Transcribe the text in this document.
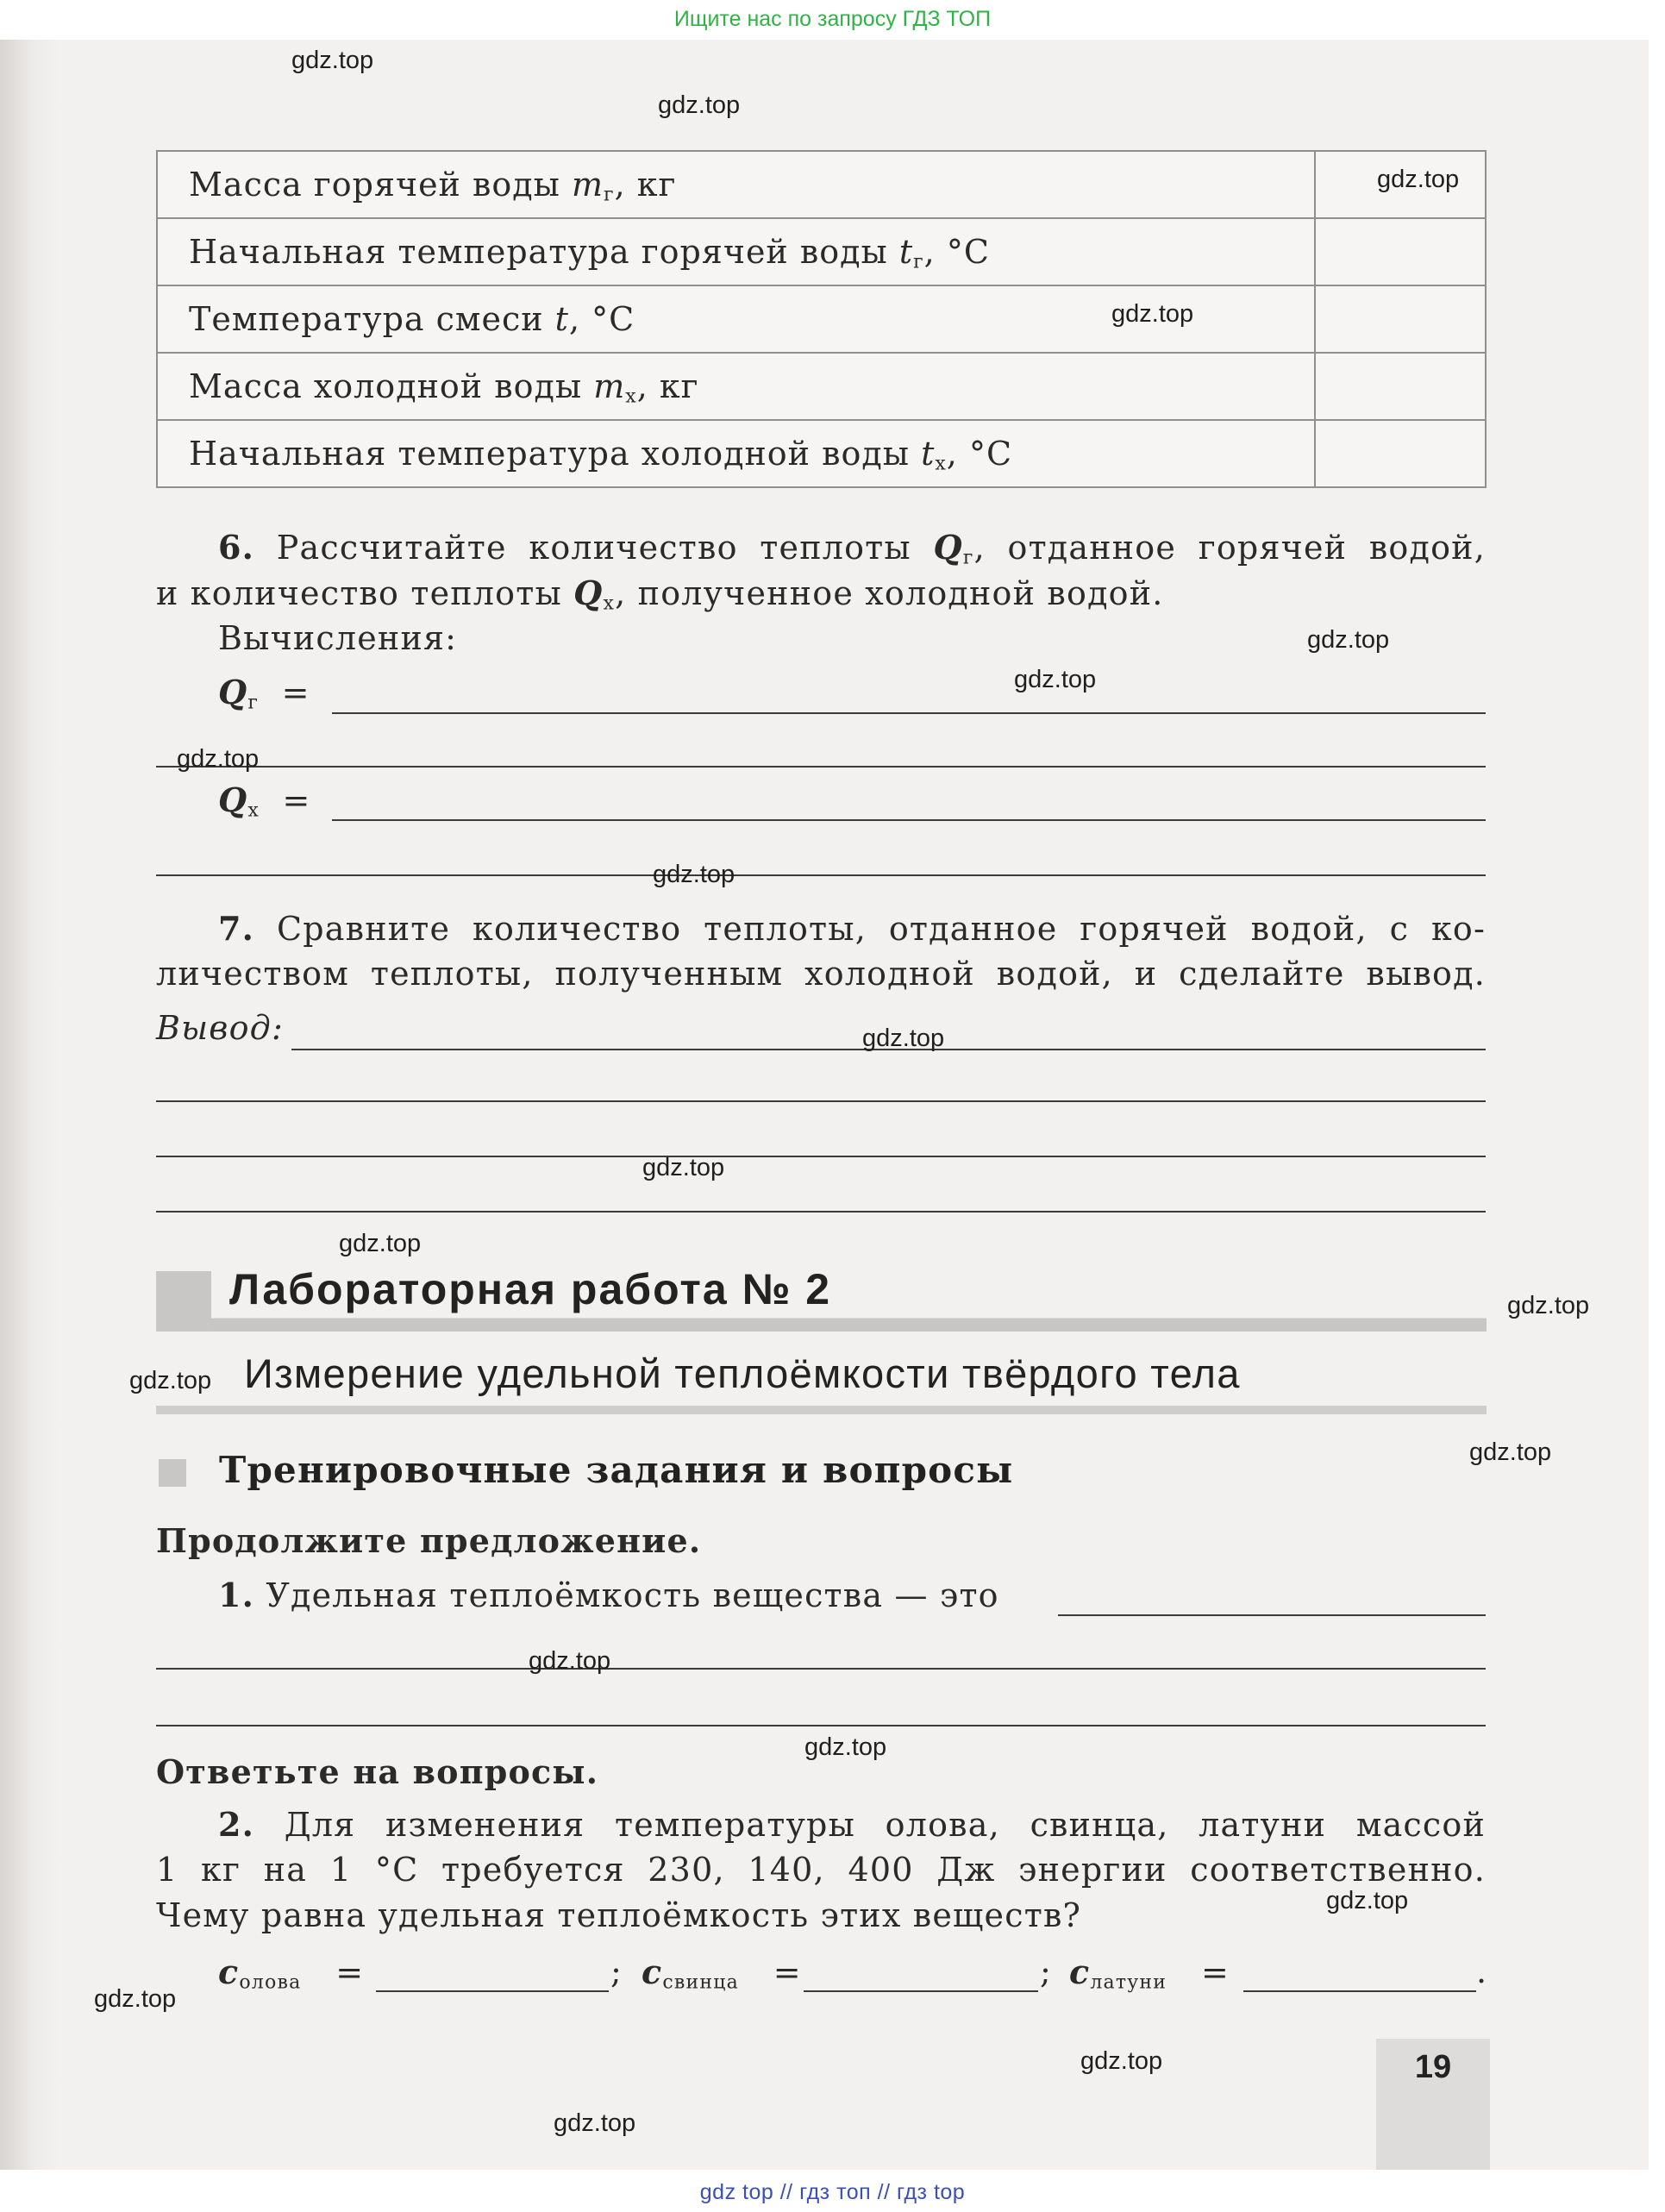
Ищите нас по запросу ГДЗ ТОП
Масса горячей воды $m_г$, кг	
Начальная температура горячей воды $t_г$, °С	
Температура смеси t, °С	
Масса холодной воды $m_х$, кг	
Начальная температура холодной воды $t_х$, °С	
6. Рассчитайте количество теплоты $Q_г$, отданное горячей водой,
и количество теплоты $Q_х$, полученное холодной водой.
Вычисления:
$Q_г$ =
$Q_х$ =
7. Сравните количество теплоты, отданное горячей водой, с ко-
личеством теплоты, полученным холодной водой, и сделайте вывод.
Вывод:
Лабораторная работа № 2
Измерение удельной теплоёмкости твёрдого тела
Тренировочные задания и вопросы
Продолжите предложение.
1. Удельная теплоёмкость вещества — это
Ответьте на вопросы.
2. Для изменения температуры олова, свинца, латуни массой
1 кг на 1 °С требуется 230, 140, 400 Дж энергии соответственно.
Чему равна удельная теплоёмкость этих веществ?
$c_{олова}$   =	; $c_{свинца}$   =	; $c_{латуни}$   =	.
19
gdz.top
gdz.top
gdz.top
gdz.top
gdz.top
gdz.top
gdz.top
gdz.top
gdz.top
gdz.top
gdz.top
gdz.top
gdz.top
gdz.top
gdz.top
gdz.top
gdz.top
gdz.top
gdz.top
gdz.top
gdz top // гдз топ // гдз top
